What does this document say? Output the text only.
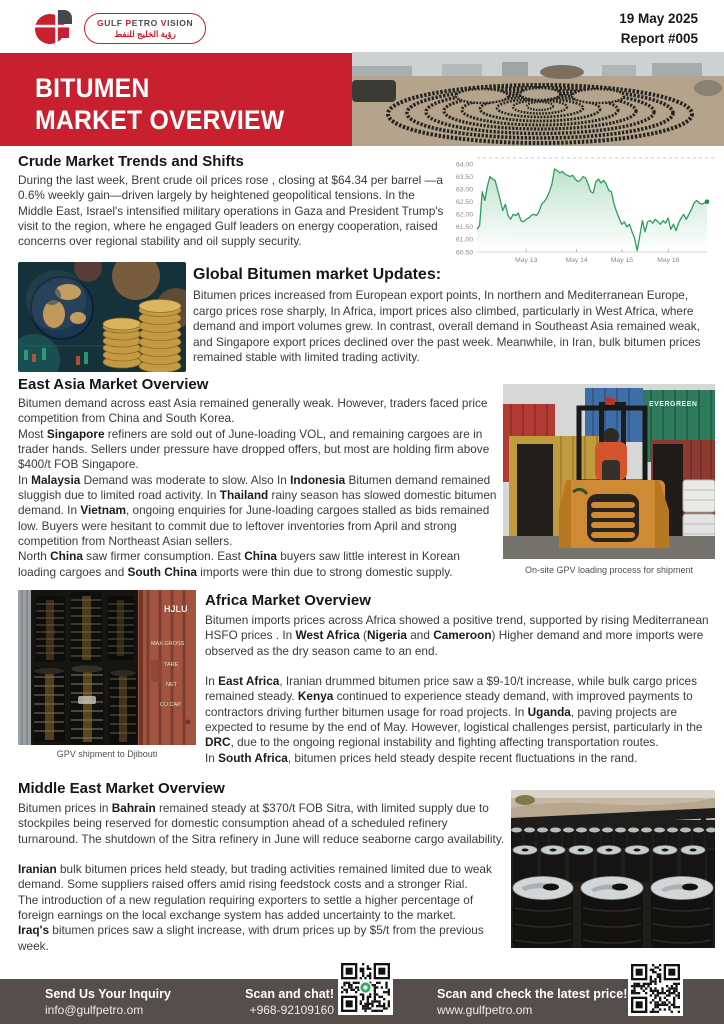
GULF PETRO VISION
رؤية الخليج للنفط
19 May 2025
Report #005
BITUMEN
MARKET OVERVIEW
Crude Market Trends and Shifts

During the last week, Brent crude oil prices rose , closing at $64.34 per barrel —a 0.6% weekly gain—driven largely by heightened geopolitical tensions. In the Middle East, Israel's intensified military operations in Gaza and President Trump's visit to the region, where he engaged Gulf leaders on energy cooperation, raised concerns over regional stability and oil supply security.

64.00
63.50
63.00
62.50
62.00
61.50
61.00
60.50
May 13	May 14	May 15	May 16
Global Bitumen market Updates:

Bitumen prices increased from European export points, In northern and Mediterranean Europe, cargo prices rose sharply, In Africa, import prices also climbed, particularly in West Africa, where demand and import volumes grew. In contrast, overall demand in Southeast Asia remained weak, and Singapore export prices declined over the past week. Meanwhile, in Iran, bulk bitumen prices remained stable with limited trading activity.

East Asia Market Overview

Bitumen demand across east Asia remained generally weak. However, traders faced price competition from China and South Korea.

Most Singapore refiners are sold out of June-loading VOL, and remaining cargoes are in trader hands. Sellers under pressure have dropped offers, but most are holding firm above $400/t FOB Singapore.

In Malaysia Demand was moderate to slow. Also In Indonesia Bitumen demand remained sluggish due to limited road activity. In Thailand rainy season has slowed domestic bitumen demand. In Vietnam, ongoing enquiries for June-loading cargoes stalled as bids remained low. Buyers were hesitant to commit due to leftover inventories from April and strong competition from Northeast Asian sellers.

North China saw firmer consumption. East China buyers saw little interest in Korean loading cargoes and South China imports were thin due to strong domestic supply.

EVERGREEN
On-site GPV loading process for shipment
HJLU
MAX.GROSS
TARE
NET
CU.CAP.
GPV shipment to Djibouti
Africa Market Overview

Bitumen imports prices across Africa showed a positive trend, supported by rising Mediterranean HSFO prices . In West Africa (Nigeria and Cameroon) Higher demand and more imports were observed as the dry season came to an end.

In East Africa, Iranian drummed bitumen price saw a $9-10/t increase, while bulk cargo prices remained steady. Kenya continued to experience steady demand, with improved payments to contractors driving further bitumen usage for road projects. In Uganda, paving projects are expected to resume by the end of May. However, logistical challenges persist, particularly in the DRC, due to the ongoing regional instability and fighting affecting transportation routes.

In South Africa, bitumen prices held steady despite recent fluctuations in the rand.

Middle East Market Overview

Bitumen prices in Bahrain remained steady at $370/t FOB Sitra, with limited supply due to stockpiles being reserved for domestic consumption ahead of a scheduled refinery turnaround. The shutdown of the Sitra refinery in June will reduce seaborne cargo availability.

Iranian bulk bitumen prices held steady, but trading activities remained limited due to weak demand. Some suppliers raised offers amid rising feedstock costs and a stronger Rial.

The introduction of a new regulation requiring exporters to settle a higher percentage of foreign earnings on the local exchange system has added uncertainty to the market.

Iraq's bitumen prices saw a slight increase, with drum prices up by $5/t from the previous week.

Send Us Your Inquiry
info@gulfpetro.om
Scan and chat!
+968-92109160
Scan and check the latest price!
www.gulfpetro.om
